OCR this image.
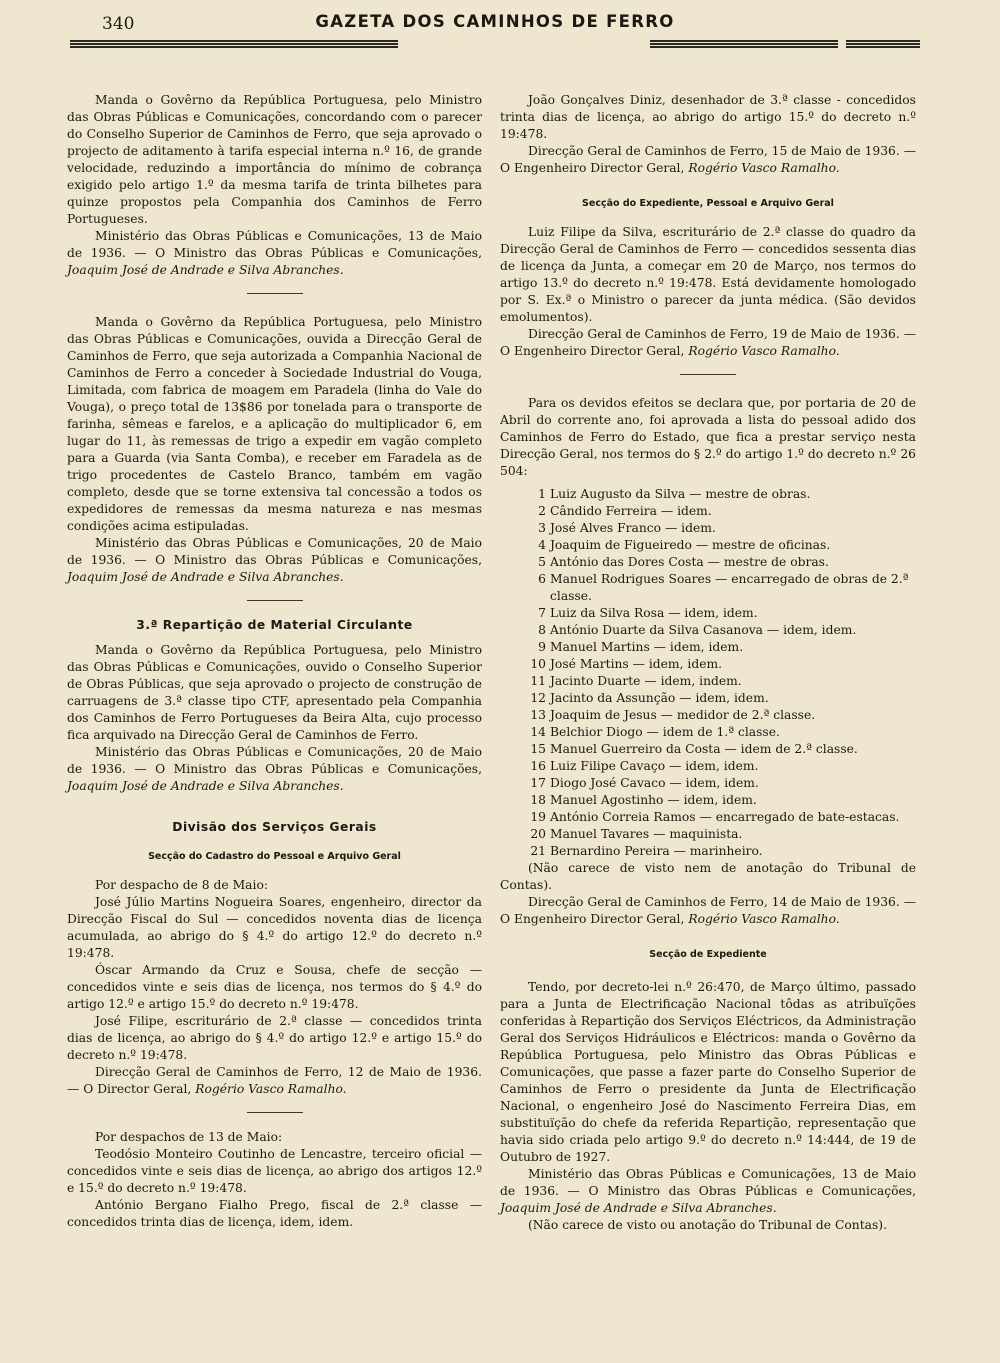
340	GAZETA DOS CAMINHOS DE FERRO

Manda o Govêrno da República Portuguesa, pelo Ministro das Obras Públicas e Comunicações, concordando com o parecer do Conselho Superior de Caminhos de Ferro, que seja aprovado o projecto de aditamento à tarifa especial interna n.º 16, de grande velocidade, reduzindo a importância do mínimo de cobrança exigido pelo artigo 1.º da mesma tarifa de trinta bilhetes para quinze propostos pela Companhia dos Caminhos de Ferro Portugueses.

Ministério das Obras Públicas e Comunicações, 13 de Maio de 1936. — O Ministro das Obras Públicas e Comunicações, Joaquim José de Andrade e Silva Abranches.

Manda o Govêrno da República Portuguesa, pelo Ministro das Obras Públicas e Comunicações, ouvida a Direcção Geral de Caminhos de Ferro, que seja autorizada a Companhia Nacional de Caminhos de Ferro a conceder à Sociedade Industrial do Vouga, Limitada, com fabrica de moagem em Paradela (linha do Vale do Vouga), o preço total de 13$86 por tonelada para o transporte de farinha, sêmeas e farelos, e a aplicação do multiplicador 6, em lugar do 11, às remessas de trigo a expedir em vagão completo para a Guarda (via Santa Comba), e receber em Faradela as de trigo procedentes de Castelo Branco, também em vagão completo, desde que se torne extensiva tal concessão a todos os expedidores de remessas da mesma natureza e nas mesmas condições acima estipuladas.

Ministério das Obras Públicas e Comunicações, 20 de Maio de 1936. — O Ministro das Obras Públicas e Comunicações, Joaquim José de Andrade e Silva Abranches.

3.ª Repartição de Material Circulante

Manda o Govêrno da República Portuguesa, pelo Ministro das Obras Públicas e Comunicações, ouvido o Conselho Superior de Obras Públicas, que seja aprovado o projecto de construção de carruagens de 3.ª classe tipo CTF, apresentado pela Companhia dos Caminhos de Ferro Portugueses da Beira Alta, cujo processo fica arquivado na Direcção Geral de Caminhos de Ferro.

Ministério das Obras Públicas e Comunicações, 20 de Maio de 1936. — O Ministro das Obras Públicas e Comunicações, Joaquim José de Andrade e Silva Abranches.

Divisão dos Serviços Gerais
Secção do Cadastro do Pessoal e Arquivo Geral

Por despacho de 8 de Maio:

José Júlio Martins Nogueira Soares, engenheiro, director da Direcção Fiscal do Sul — concedidos noventa dias de licença acumulada, ao abrigo do § 4.º do artigo 12.º do decreto n.º 19:478.

Óscar Armando da Cruz e Sousa, chefe de secção — concedidos vinte e seis dias de licença, nos termos do § 4.º do artigo 12.º e artigo 15.º do decreto n.º 19:478.

José Filipe, escriturário de 2.ª classe — concedidos trinta dias de licença, ao abrigo do § 4.º do artigo 12.º e artigo 15.º do decreto n.º 19:478.

Direcção Geral de Caminhos de Ferro, 12 de Maio de 1936. — O Director Geral, Rogério Vasco Ramalho.

Por despachos de 13 de Maio:

Teodósio Monteiro Coutinho de Lencastre, terceiro oficial — concedidos vinte e seis dias de licença, ao abrigo dos artigos 12.º e 15.º do decreto n.º 19:478.

António Bergano Fialho Prego, fiscal de 2.ª classe — concedidos trinta dias de licença, idem, idem.

João Gonçalves Diniz, desenhador de 3.ª classe - concedidos trinta dias de licença, ao abrigo do artigo 15.º do decreto n.º 19:478.

Direcção Geral de Caminhos de Ferro, 15 de Maio de 1936. — O Engenheiro Director Geral, Rogério Vasco Ramalho.

Secção do Expediente, Pessoal e Arquivo Geral

Luiz Filipe da Silva, escriturário de 2.ª classe do quadro da Direcção Geral de Caminhos de Ferro — concedidos sessenta dias de licença da Junta, a começar em 20 de Março, nos termos do artigo 13.º do decreto n.º 19:478. Está devidamente homologado por S. Ex.ª o Ministro o parecer da junta médica. (São devidos emolumentos).

Direcção Geral de Caminhos de Ferro, 19 de Maio de 1936. — O Engenheiro Director Geral, Rogério Vasco Ramalho.

Para os devidos efeitos se declara que, por portaria de 20 de Abril do corrente ano, foi aprovada a lista do pessoal adido dos Caminhos de Ferro do Estado, que fica a prestar serviço nesta Direcção Geral, nos termos do § 2.º do artigo 1.º do decreto n.º 26 504:

1 Luiz Augusto da Silva — mestre de obras.
2 Cândido Ferreira — idem.
3 José Alves Franco — idem.
4 Joaquim de Figueiredo — mestre de oficinas.
5 António das Dores Costa — mestre de obras.
6 Manuel Rodrigues Soares — encarregado de obras de 2.ª classe.
7 Luiz da Silva Rosa — idem, idem.
8 António Duarte da Silva Casanova — idem, idem.
9 Manuel Martins — idem, idem.
10 José Martins — idem, idem.
11 Jacinto Duarte — idem, indem.
12 Jacinto da Assunção — idem, idem.
13 Joaquim de Jesus — medidor de 2.ª classe.
14 Belchior Diogo — idem de 1.ª classe.
15 Manuel Guerreiro da Costa — idem de 2.ª classe.
16 Luiz Filipe Cavaço — idem, idem.
17 Diogo José Cavaco — idem, idem.
18 Manuel Agostinho — idem, idem.
19 António Correia Ramos — encarregado de bate-estacas.
20 Manuel Tavares — maquinista.
21 Bernardino Pereira — marinheiro.

(Não carece de visto nem de anotação do Tribunal de Contas).

Direcção Geral de Caminhos de Ferro, 14 de Maio de 1936. — O Engenheiro Director Geral, Rogério Vasco Ramalho.

Secção de Expediente

Tendo, por decreto-lei n.º 26:470, de Março último, passado para a Junta de Electrificação Nacional tôdas as atribuïções conferidas à Repartição dos Serviços Eléctricos, da Administração Geral dos Serviços Hidráulicos e Eléctricos: manda o Govêrno da República Portuguesa, pelo Ministro das Obras Públicas e Comunicações, que passe a fazer parte do Conselho Superior de Caminhos de Ferro o presidente da Junta de Electrificação Nacional, o engenheiro José do Nascimento Ferreira Dias, em substituïção do chefe da referida Repartição, representação que havia sido criada pelo artigo 9.º do decreto n.º 14:444, de 19 de Outubro de 1927.

Ministério das Obras Públicas e Comunicações, 13 de Maio de 1936. — O Ministro das Obras Públicas e Comunicações, Joaquim José de Andrade e Silva Abranches.

(Não carece de visto ou anotação do Tribunal de Contas).
